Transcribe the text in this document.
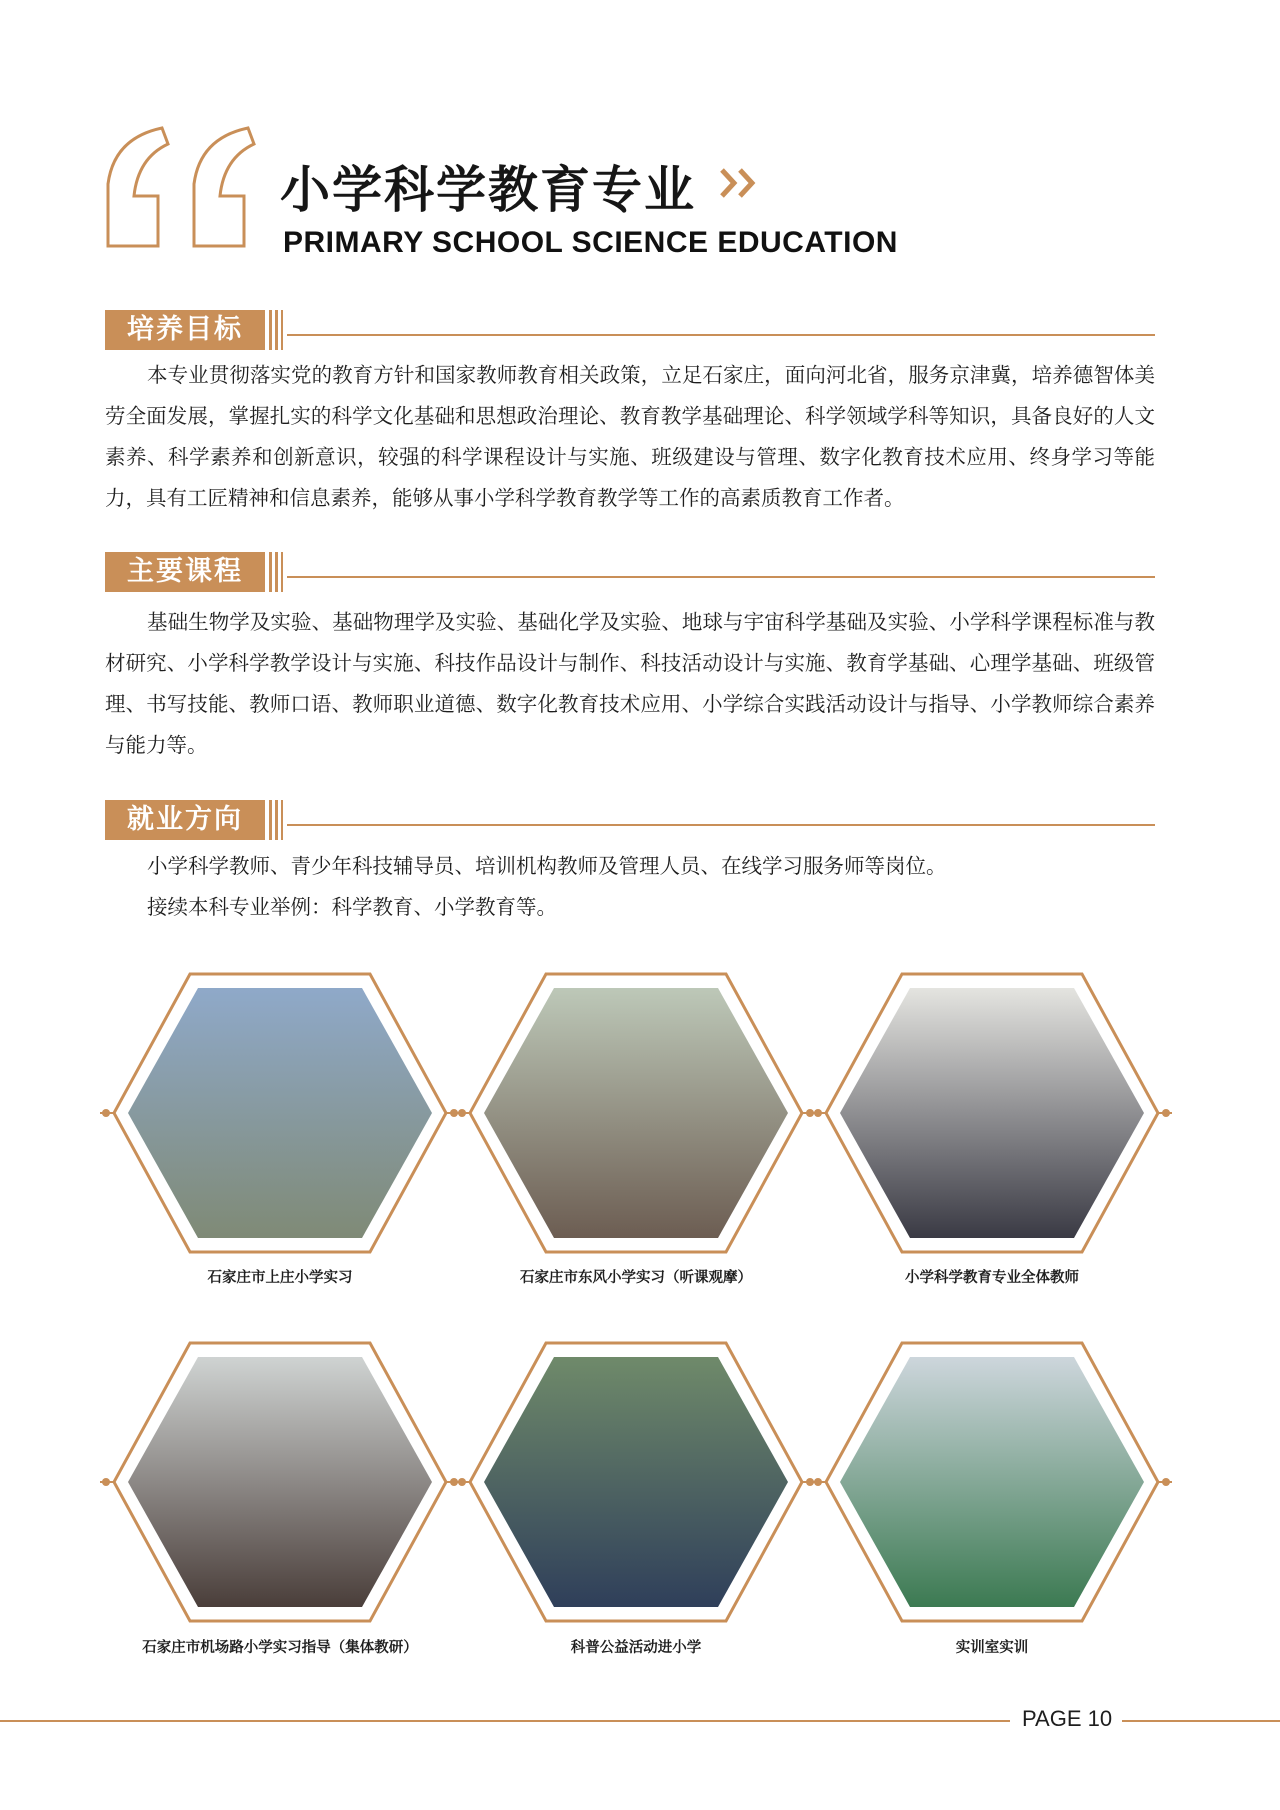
小学科学教育专业
PRIMARY SCHOOL SCIENCE EDUCATION
培养目标
本专业贯彻落实党的教育方针和国家教师教育相关政策，立足石家庄，面向河北省，服务京津冀，培养德智体美劳全面发展，掌握扎实的科学文化基础和思想政治理论、教育教学基础理论、科学领域学科等知识，具备良好的人文素养、科学素养和创新意识，较强的科学课程设计与实施、班级建设与管理、数字化教育技术应用、终身学习等能力，具有工匠精神和信息素养，能够从事小学科学教育教学等工作的高素质教育工作者。
主要课程
基础生物学及实验、基础物理学及实验、基础化学及实验、地球与宇宙科学基础及实验、小学科学课程标准与教材研究、小学科学教学设计与实施、科技作品设计与制作、科技活动设计与实施、教育学基础、心理学基础、班级管理、书写技能、教师口语、教师职业道德、数字化教育技术应用、小学综合实践活动设计与指导、小学教师综合素养与能力等。
就业方向
小学科学教师、青少年科技辅导员、培训机构教师及管理人员、在线学习服务师等岗位。
接续本科专业举例：科学教育、小学教育等。
石家庄市上庄小学实习	石家庄市东风小学实习（听课观摩）	小学科学教育专业全体教师
石家庄市机场路小学实习指导（集体教研）	科普公益活动进小学	实训室实训
PAGE 10
